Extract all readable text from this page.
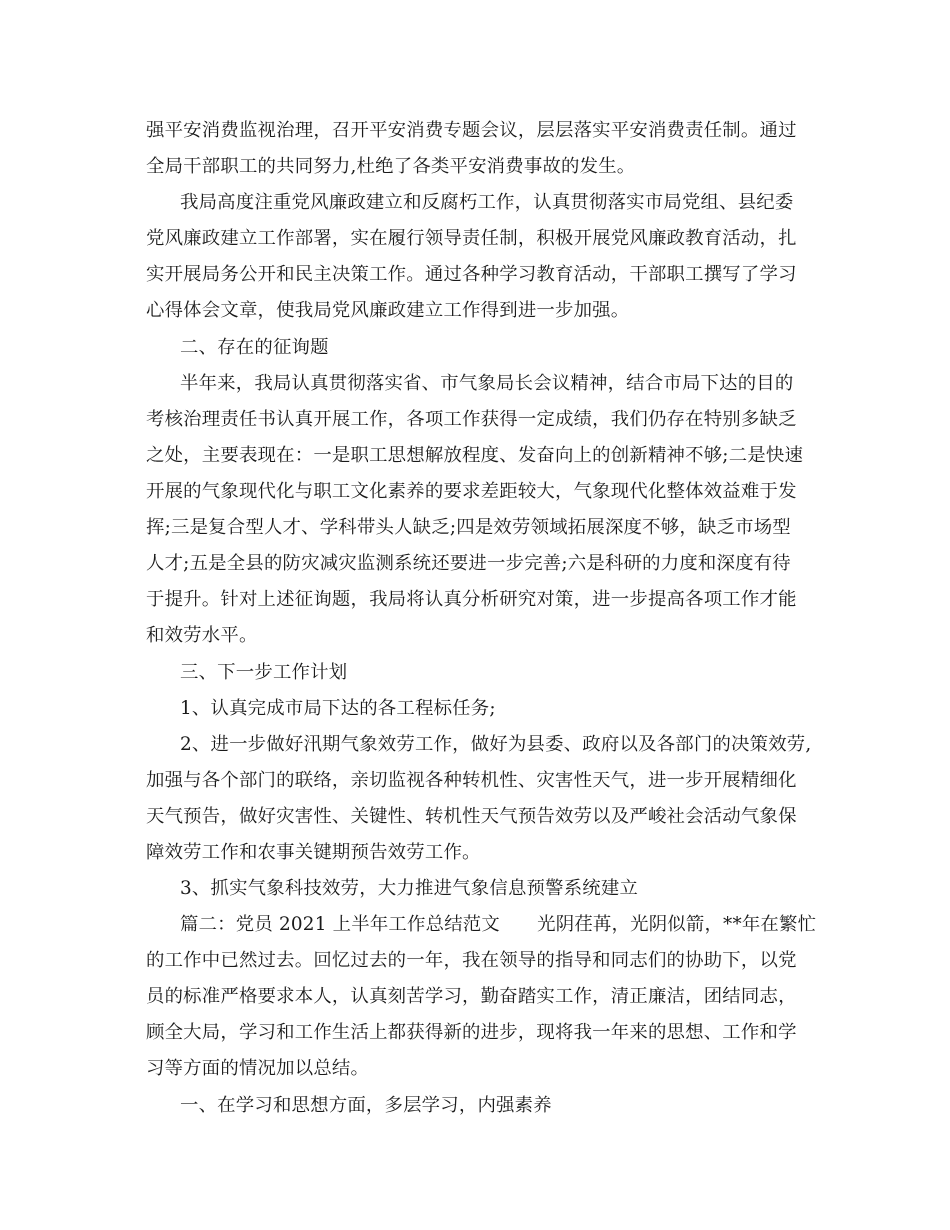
强平安消费监视治理，召开平安消费专题会议，层层落实平安消费责任制。通过

全局干部职工的共同努力,杜绝了各类平安消费事故的发生。

我局高度注重党风廉政建立和反腐朽工作，认真贯彻落实市局党组、县纪委

党风廉政建立工作部署，实在履行领导责任制，积极开展党风廉政教育活动，扎

实开展局务公开和民主决策工作。通过各种学习教育活动，干部职工撰写了学习

心得体会文章，使我局党风廉政建立工作得到进一步加强。

二、存在的征询题

半年来，我局认真贯彻落实省、市气象局长会议精神，结合市局下达的目的

考核治理责任书认真开展工作，各项工作获得一定成绩，我们仍存在特别多缺乏

之处，主要表现在：一是职工思想解放程度、发奋向上的创新精神不够;二是快速

开展的气象现代化与职工文化素养的要求差距较大，气象现代化整体效益难于发

挥;三是复合型人才、学科带头人缺乏;四是效劳领域拓展深度不够，缺乏市场型

人才;五是全县的防灾减灾监测系统还要进一步完善;六是科研的力度和深度有待

于提升。针对上述征询题，我局将认真分析研究对策，进一步提高各项工作才能

和效劳水平。

三、下一步工作计划

1、认真完成市局下达的各工程标任务;

2、进一步做好汛期气象效劳工作，做好为县委、政府以及各部门的决策效劳,

加强与各个部门的联络，亲切监视各种转机性、灾害性天气，进一步开展精细化

天气预告，做好灾害性、关键性、转机性天气预告效劳以及严峻社会活动气象保

障效劳工作和农事关键期预告效劳工作。

3、抓实气象科技效劳，大力推进气象信息预警系统建立

篇二：党员 2021 上半年工作总结范文　　光阴荏苒，光阴似箭，**年在繁忙

的工作中已然过去。回忆过去的一年，我在领导的指导和同志们的协助下，以党

员的标准严格要求本人，认真刻苦学习，勤奋踏实工作，清正廉洁，团结同志，

顾全大局，学习和工作生活上都获得新的进步，现将我一年来的思想、工作和学

习等方面的情况加以总结。

一、在学习和思想方面，多层学习，内强素养
